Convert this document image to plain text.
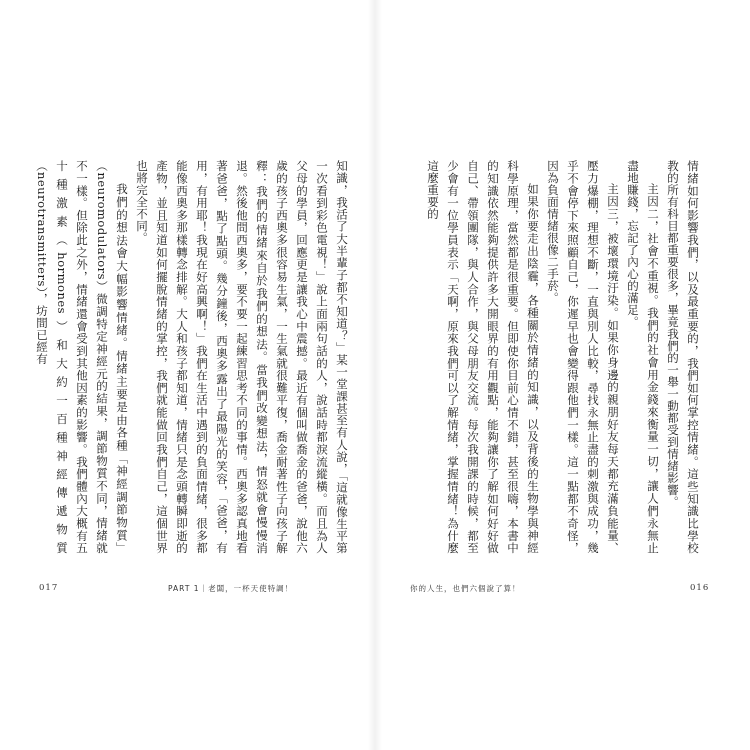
知識，我活了大半輩子都不知道？」某一堂課甚至有人說，「這就像生平第一次看到彩色電視！」說上面兩句話的人，說話時都淚流縱橫。而且為人父母的學員，回應更是讓我心中震撼。最近有個叫做喬金的爸爸，說他六歲的孩子西奧多很容易生氣，一生氣就很難平復，喬金耐著性子向孩子解釋：我們的情緒來自於我們的想法。當我們改變想法，情怒就會慢慢消退。然後他問西奧多，要不要一起練習思考不同的事情。西奧多認真地看著爸爸，點了點頭。幾分鐘後，西奧多露出了最陽光的笑容，「爸爸，有用，有用耶！我現在好高興啊！」我們在生活中遇到的負面情緒，很多都能像西奧多那樣轉念排解。大人和孩子都知道，情緒只是念頭轉瞬即逝的產物，並且知道如何擺脫情緒的掌控，我們就能做回我們自己，這個世界也將完全不同。

我們的想法會大幅影響情緒。情緒主要是由各種「神經調節物質」（neuromodulators）微調特定神經元的結果，調節物質不同，情緒就不一樣。但除此之外，情緒還會受到其他因素的影響。我們體內大概有五十種激素（hormones）和大約一百種神經傳遞物質（neurotransmitters），坊間已經有

017	PART 1｜老闆，一杯天使特調！

情緒如何影響我們，以及最重要的，我們如何掌控情緒。這些知識比學校教的所有科目都重要很多，畢竟我們的一舉一動都受到情緒影響。

主因二，社會不重視。我們的社會用金錢來衡量一切，讓人們永無止盡地賺錢，忘記了內心的滿足。

主因三，被壞環境汙染。如果你身邊的親朋好友每天都充滿負能量、壓力爆棚，理想不斷，一直與別人比較，尋找永無止盡的刺激與成功，幾乎不會停下來照顧自己，你遲早也會變得跟他們一樣。這一點都不奇怪，因為負面情緒很像二手菸。

如果你要走出陰霾，各種關於情緒的知識，以及背後的生物學與神經科學原理，當然都是很重要。但即使你目前心情不錯，甚至很嗨，本書中的知識依然能夠提供許多大開眼界的有用觀點，能夠讓你了解如何好好做自己、帶領團隊，與人合作，與父母朋友交流。每次我開課的時候，都至少會有一位學員表示「天啊，原來我們可以了解情緒，掌握情緒！為什麼這麼重要的

你的人生，也們六個說了算！	016
